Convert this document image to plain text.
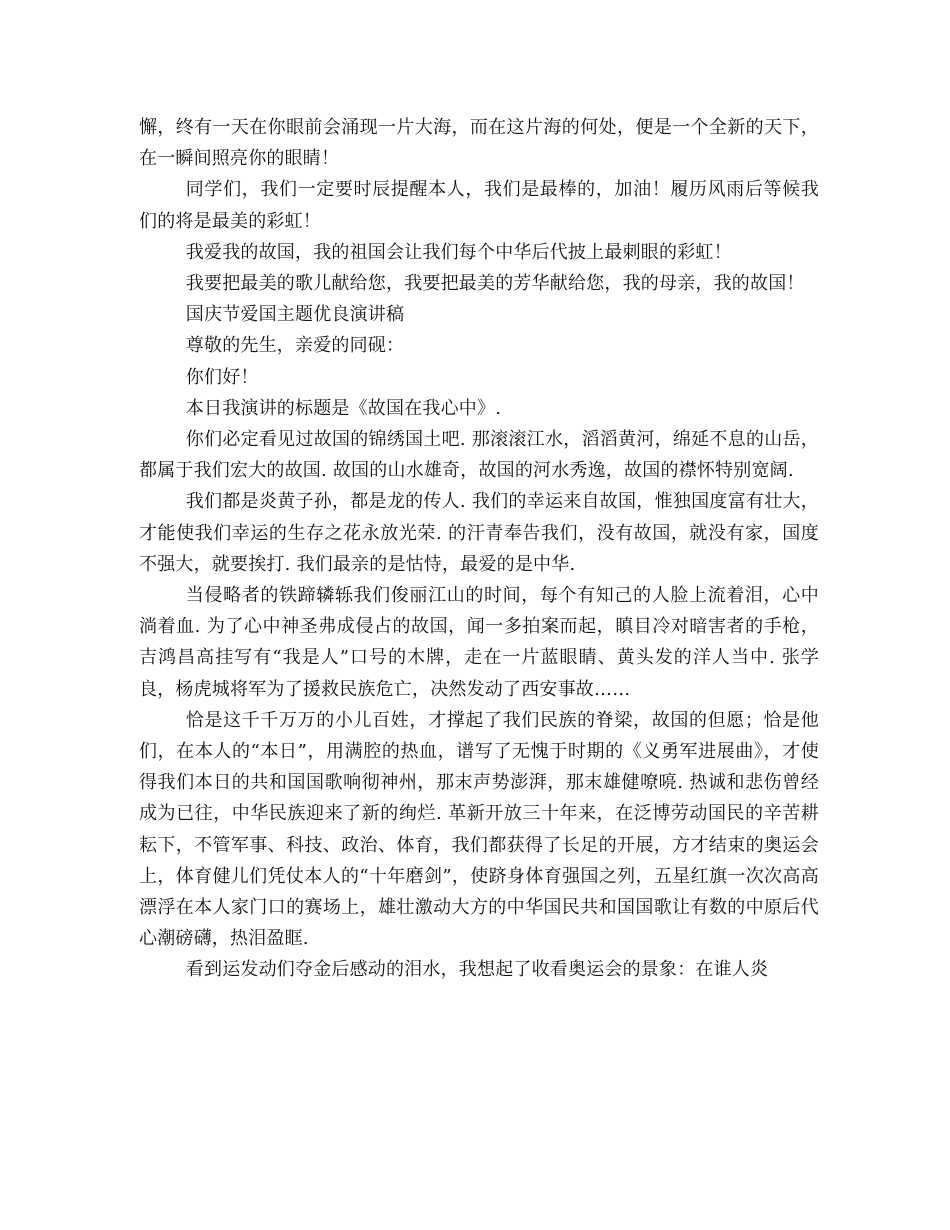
懈，终有一天在你眼前会涌现一片大海，而在这片海的何处，便是一个全新的天下，在一瞬间照亮你的眼睛！

同学们，我们一定要时辰提醒本人，我们是最棒的，加油！履历风雨后等候我们的将是最美的彩虹！

我爱我的故国，我的祖国会让我们每个中华后代披上最刺眼的彩虹！

我要把最美的歌儿献给您，我要把最美的芳华献给您，我的母亲，我的故国！

国庆节爱国主题优良演讲稿

尊敬的先生，亲爱的同砚：

你们好！

本日我演讲的标题是《故国在我心中》.

你们必定看见过故国的锦绣国土吧. 那滚滚江水，滔滔黄河，绵延不息的山岳，都属于我们宏大的故国. 故国的山水雄奇，故国的河水秀逸，故国的襟怀特别宽阔.

我们都是炎黄子孙，都是龙的传人. 我们的幸运来自故国，惟独国度富有壮大，才能使我们幸运的生存之花永放光荣. 的汗青奉告我们，没有故国，就没有家，国度不强大，就要挨打. 我们最亲的是怙恃，最爱的是中华.

当侵略者的铁蹄辚轹我们俊丽江山的时间，每个有知己的人脸上流着泪，心中淌着血. 为了心中神圣弗成侵占的故国，闻一多拍案而起，瞋目冷对暗害者的手枪，吉鸿昌高挂写有“我是人”口号的木牌，走在一片蓝眼睛、黄头发的洋人当中. 张学良，杨虎城将军为了援救民族危亡，决然发动了西安事故……

恰是这千千万万的小儿百姓，才撑起了我们民族的脊梁，故国的但愿；恰是他们，在本人的“本日”，用满腔的热血，谱写了无愧于时期的《义勇军进展曲》，才使得我们本日的共和国国歌响彻神州，那末声势澎湃，那末雄健嘹喨. 热诚和悲伤曾经成为已往，中华民族迎来了新的绚烂. 革新开放三十年来，在泛博劳动国民的辛苦耕耘下，不管军事、科技、政治、体育，我们都获得了长足的开展，方才结束的奥运会上，体育健儿们凭仗本人的“十年磨剑”，使跻身体育强国之列，五星红旗一次次高高漂浮在本人家门口的赛场上，雄壮激动大方的中华国民共和国国歌让有数的中原后代心潮磅礴，热泪盈眶.

看到运发动们夺金后感动的泪水，我想起了收看奥运会的景象：在谁人炎
